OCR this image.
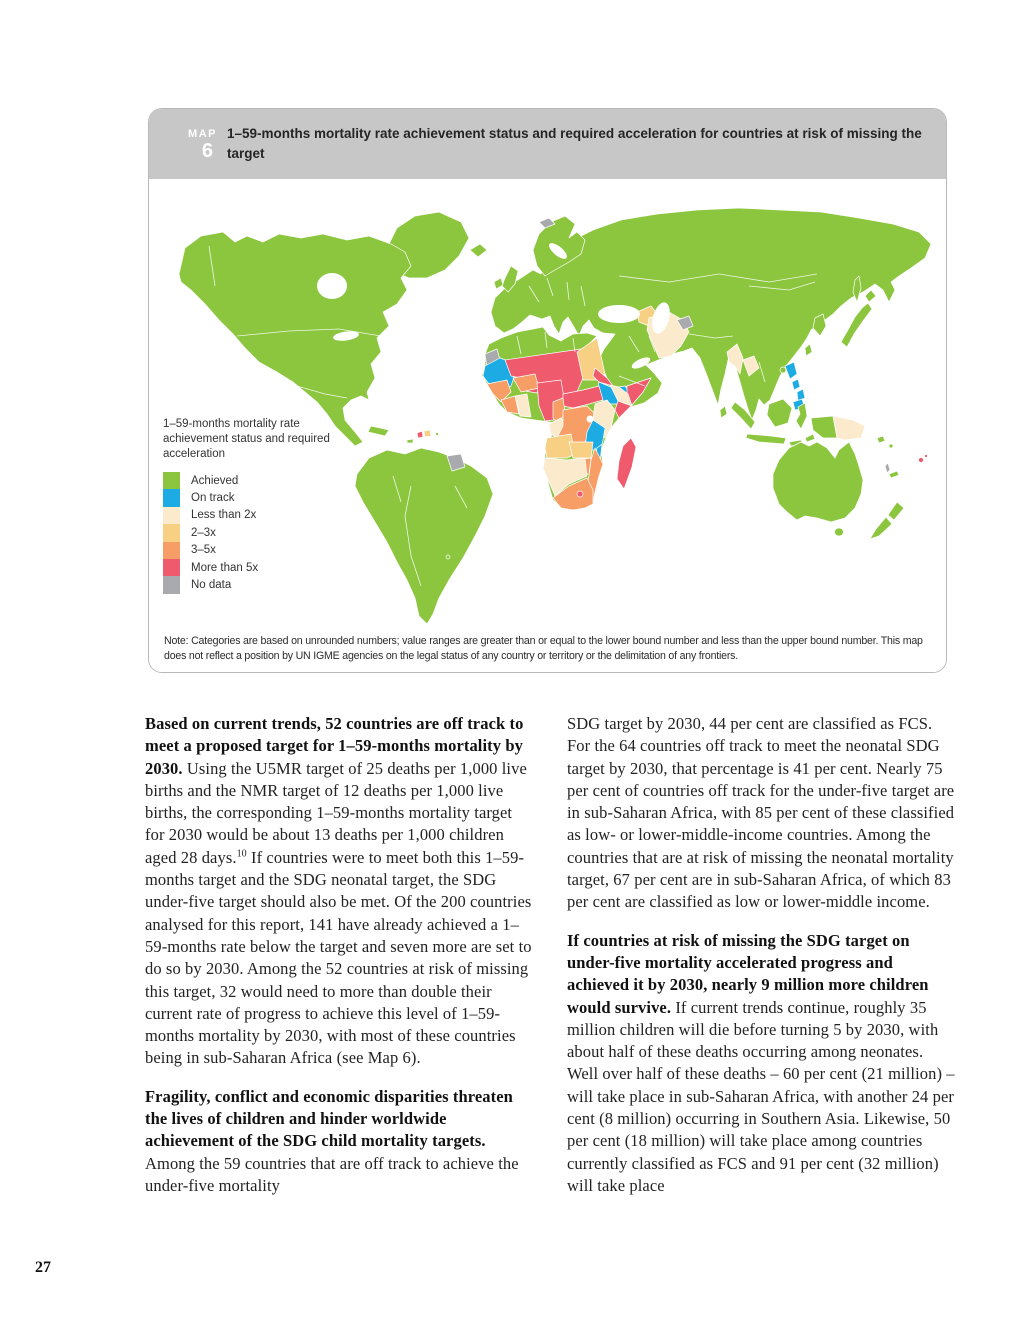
MAP
6
1–59-months mortality rate achievement status and required acceleration for countries at risk of missing the target
1–59-months mortality rate achievement status and required acceleration
Achieved
On track
Less than 2x
2–3x
3–5x
More than 5x
No data

Note: Categories are based on unrounded numbers; value ranges are greater than or equal to the lower bound number and less than the upper bound number. This map does not reflect a position by UN IGME agencies on the legal status of any country or territory or the delimitation of any frontiers.

Based on current trends, 52 countries are off track to meet a proposed target for 1–59-months mortality by 2030. Using the U5MR target of 25 deaths per 1,000 live births and the NMR target of 12 deaths per 1,000 live births, the corresponding 1–59-months mortality target for 2030 would be about 13 deaths per 1,000 children aged 28 days.$^{10}$ If countries were to meet both this 1–59-months target and the SDG neonatal target, the SDG under-five target should also be met. Of the 200 countries analysed for this report, 141 have already achieved a 1–59-months rate below the target and seven more are set to do so by 2030. Among the 52 countries at risk of missing this target, 32 would need to more than double their current rate of progress to achieve this level of 1–59-months mortality by 2030, with most of these countries being in sub-Saharan Africa (see Map 6).

Fragility, conflict and economic disparities threaten the lives of children and hinder worldwide achievement of the SDG child mortality targets. Among the 59 countries that are off track to achieve the under-five mortality

SDG target by 2030, 44 per cent are classified as FCS. For the 64 countries off track to meet the neonatal SDG target by 2030, that percentage is 41 per cent. Nearly 75 per cent of countries off track for the under-five target are in sub-Saharan Africa, with 85 per cent of these classified as low- or lower-middle-income countries. Among the countries that are at risk of missing the neonatal mortality target, 67 per cent are in sub-Saharan Africa, of which 83 per cent are classified as low or lower-middle income.

If countries at risk of missing the SDG target on under-five mortality accelerated progress and achieved it by 2030, nearly 9 million more children would survive. If current trends continue, roughly 35 million children will die before turning 5 by 2030, with about half of these deaths occurring among neonates. Well over half of these deaths – 60 per cent (21 million) – will take place in sub-Saharan Africa, with another 24 per cent (8 million) occurring in Southern Asia. Likewise, 50 per cent (18 million) will take place among countries currently classified as FCS and 91 per cent (32 million) will take place

27
